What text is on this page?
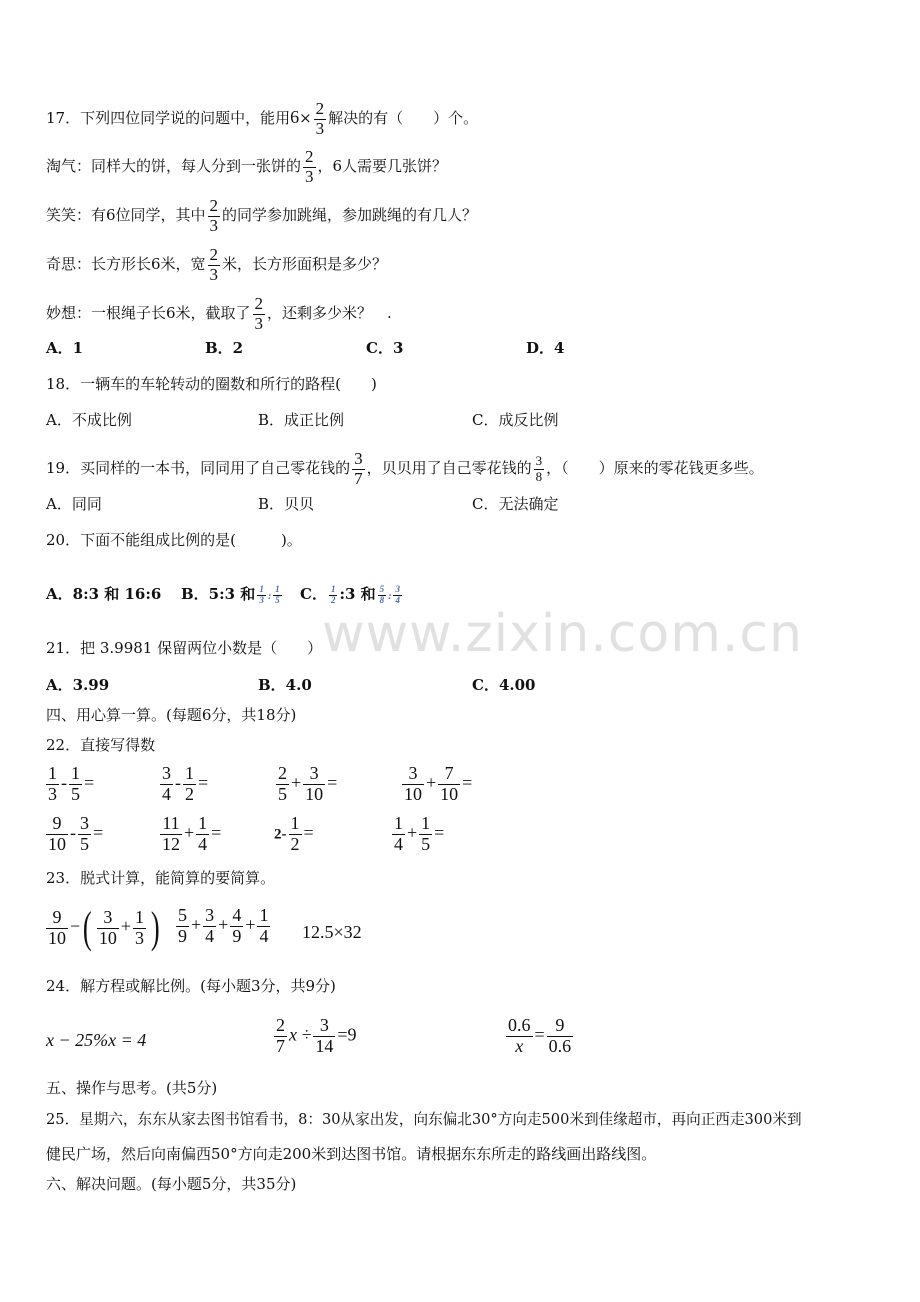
17．下列四位同学说的问题中，能用$6\times \frac{2}{3}$ 解决的有（　　）个。
淘气：同样大的饼，每人分到一张饼的 $\frac{2}{3}$ ，6人需要几张饼？
笑笑：有6位同学，其中 $\frac{2}{3}$ 的同学参加跳绳，参加跳绳的有几人？
奇思：长方形长6米，宽 $\frac{2}{3}$ 米，长方形面积是多少？
妙想：一根绳子长6米，截取了 $\frac{2}{3}$ ，还剩多少米？　.
A．1	B．2	C．3	D．4
18．一辆车的车轮转动的圈数和所行的路程(　　)
A．不成比例	B．成正比例	C．成反比例
19．买同样的一本书，同同用了自己零花钱的 $\frac{3}{7}$ ，贝贝用了自己零花钱的 $\frac{3}{8}$ ，（　　）原来的零花钱更多些。
A．同同	B．贝贝	C．无法确定
20．下面不能组成比例的是(　　　)。
A．8:3 和 16:6 B．5:3 和 $\frac{1}{3}$ : $\frac{1}{5}$ C． $\frac{1}{2}$ :3 和 $\frac{5}{8}$ : $\frac{3}{4}$
www.zixin.com.cn
21．把 3.9981 保留两位小数是（　　）
A．3.99	B．4.0	C．4.00
四、用心算一算。(每题6分，共18分)
22．直接写得数
$\frac{1}{3} - \frac{1}{5}$ =	$\frac{3}{4} - \frac{1}{2}$ =	$\frac{2}{5} + \frac{3}{10}$ =	$\frac{3}{10} + \frac{7}{10}$ =
$\frac{9}{10} - \frac{3}{5}$ =	$\frac{11}{12} + \frac{1}{4}$ =	$2- \frac{1}{2}$ =	$\frac{1}{4} + \frac{1}{5}$ =
23．脱式计算，能简算的要简算。
$\frac{9}{10}$ −( $\frac{3}{10} + \frac{1}{3}$ ) $\frac{5}{9} + \frac{3}{4} + \frac{4}{9} + \frac{1}{4} 12.5\times 32$
24．解方程或解比例。(每小题3分，共9分)
x − 25%x = 4	$\frac{2}{7}$ $x \div \frac{3}{14} =9$	$\frac{0.6}{x} = \frac{9}{0.6}$
五、操作与思考。(共5分)
25．星期六，东东从家去图书馆看书，8：30从家出发，向东偏北30°方向走500米到佳缘超市，再向正西走300米到
健民广场，然后向南偏西50°方向走200米到达图书馆。请根据东东所走的路线画出路线图。
六、解决问题。(每小题5分，共35分)
